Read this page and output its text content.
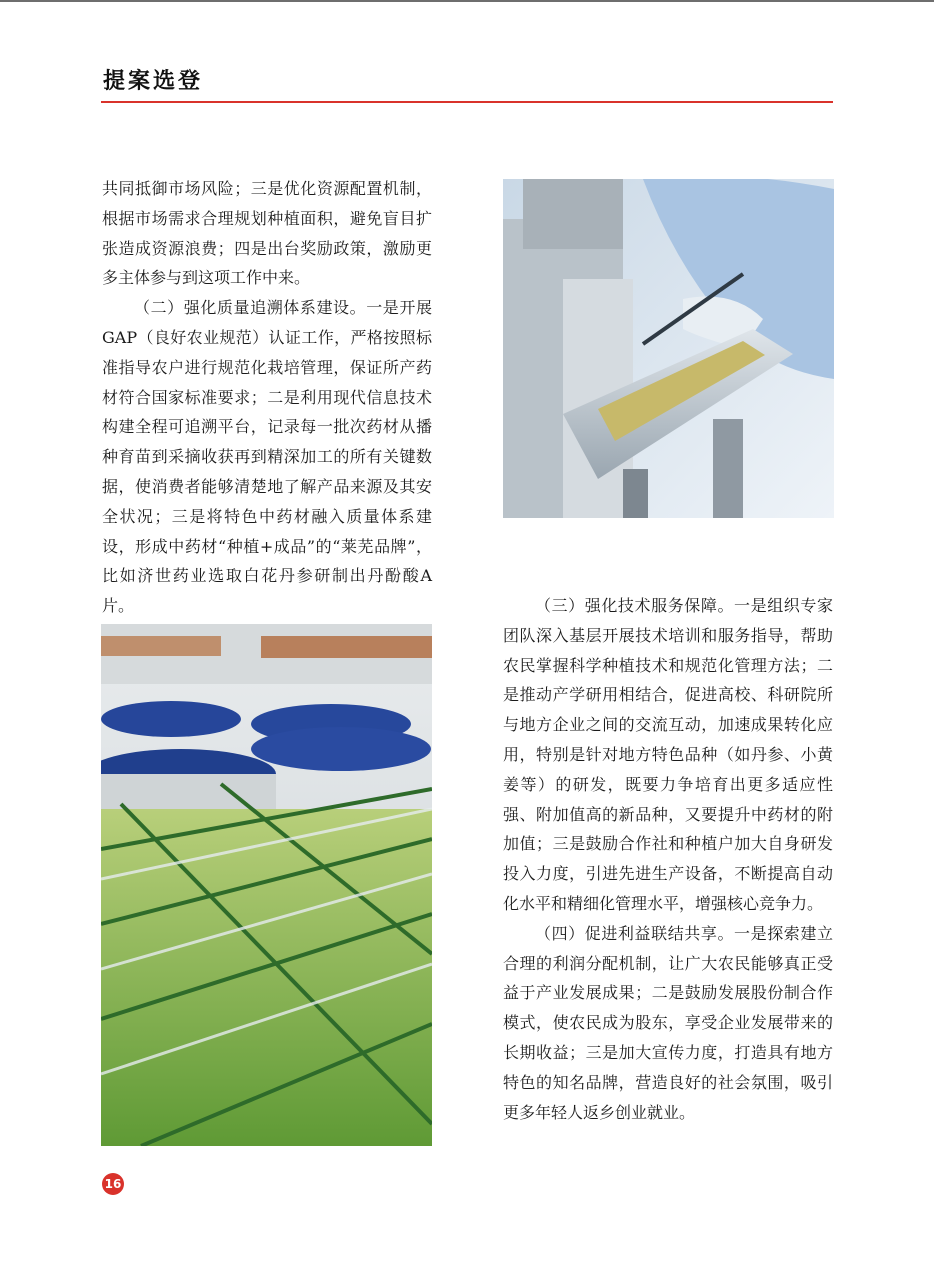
提案选登

共同抵御市场风险；三是优化资源配置机制，根据市场需求合理规划种植面积，避免盲目扩张造成资源浪费；四是出台奖励政策，激励更多主体参与到这项工作中来。

（二）强化质量追溯体系建设。一是开展GAP（良好农业规范）认证工作，严格按照标准指导农户进行规范化栽培管理，保证所产药材符合国家标准要求；二是利用现代信息技术构建全程可追溯平台，记录每一批次药材从播种育苗到采摘收获再到精深加工的所有关键数据，使消费者能够清楚地了解产品来源及其安全状况；三是将特色中药材融入质量体系建设，形成中药材“种植+成品”的“莱芜品牌”，比如济世药业选取白花丹参研制出丹酚酸A片。	（三）强化技术服务保障。一是组织专家团队深入基层开展技术培训和服务指导，帮助农民掌握科学种植技术和规范化管理方法；二是推动产学研用相结合，促进高校、科研院所与地方企业之间的交流互动，加速成果转化应用，特别是针对地方特色品种（如丹参、小黄姜等）的研发，既要力争培育出更多适应性强、附加值高的新品种，又要提升中药材的附加值；三是鼓励合作社和种植户加大自身研发投入力度，引进先进生产设备，不断提高自动化水平和精细化管理水平，增强核心竞争力。

（四）促进利益联结共享。一是探索建立合理的利润分配机制，让广大农民能够真正受益于产业发展成果；二是鼓励发展股份制合作模式，使农民成为股东，享受企业发展带来的长期收益；三是加大宣传力度，打造具有地方特色的知名品牌，营造良好的社会氛围，吸引更多年轻人返乡创业就业。

16
